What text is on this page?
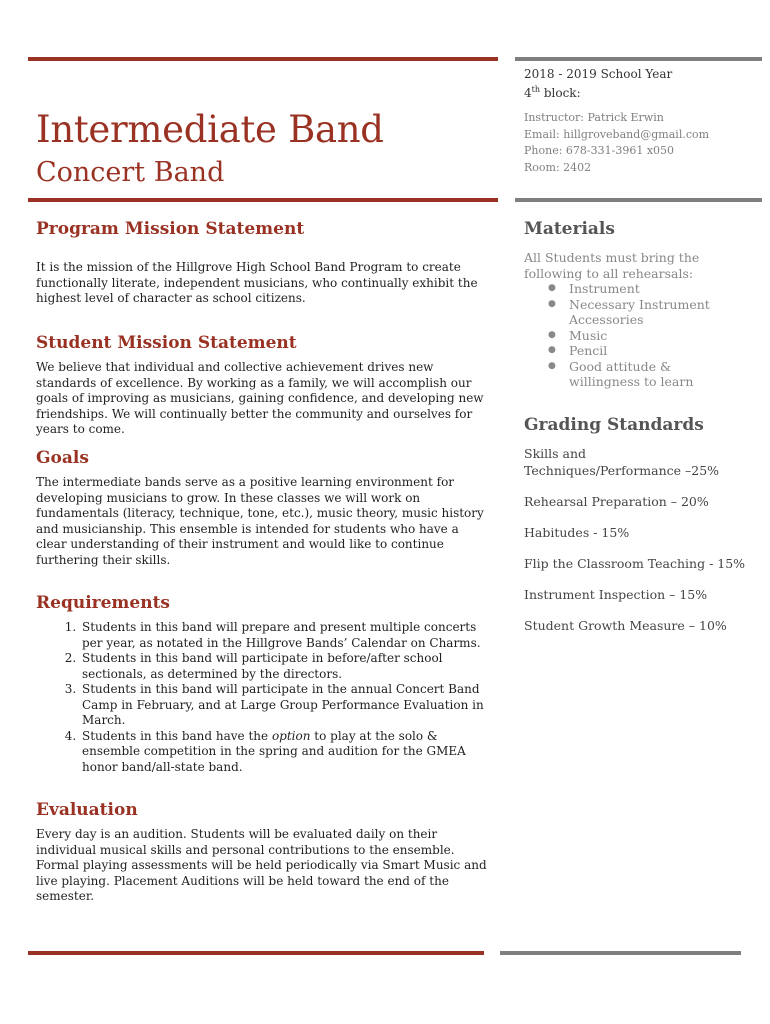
Intermediate Band
Concert Band
2018 - 2019 School Year
4th block:
Instructor: Patrick Erwin
Email: hillgroveband@gmail.com
Phone: 678-331-3961 x050
Room: 2402
Program Mission Statement

It is the mission of the Hillgrove High School Band Program to create functionally literate, independent musicians, who continually exhibit the highest level of character as school citizens.

Student Mission Statement

We believe that individual and collective achievement drives new standards of excellence. By working as a family, we will accomplish our goals of improving as musicians, gaining confidence, and developing new friendships. We will continually better the community and ourselves for years to come.

Goals

The intermediate bands serve as a positive learning environment for developing musicians to grow. In these classes we will work on fundamentals (literacy, technique, tone, etc.), music theory, music history and musicianship. This ensemble is intended for students who have a clear understanding of their instrument and would like to continue furthering their skills.

Requirements
1. Students in this band will prepare and present multiple concerts per year, as notated in the Hillgrove Bands’ Calendar on Charms.
2. Students in this band will participate in before/after school sectionals, as determined by the directors.
3. Students in this band will participate in the annual Concert Band Camp in February, and at Large Group Performance Evaluation in March.
4. Students in this band have the option to play at the solo & ensemble competition in the spring and audition for the GMEA honor band/all-state band.
Evaluation

Every day is an audition. Students will be evaluated daily on their individual musical skills and personal contributions to the ensemble. Formal playing assessments will be held periodically via Smart Music and live playing. Placement Auditions will be held toward the end of the semester.

Materials

All Students must bring the following to all rehearsals:

● Instrument
● Necessary Instrument Accessories
● Music
● Pencil
● Good attitude & willingness to learn
Grading Standards

Skills and Techniques/Performance –25%

Rehearsal Preparation – 20%

Habitudes - 15%

Flip the Classroom Teaching - 15%

Instrument Inspection – 15%

Student Growth Measure – 10%
